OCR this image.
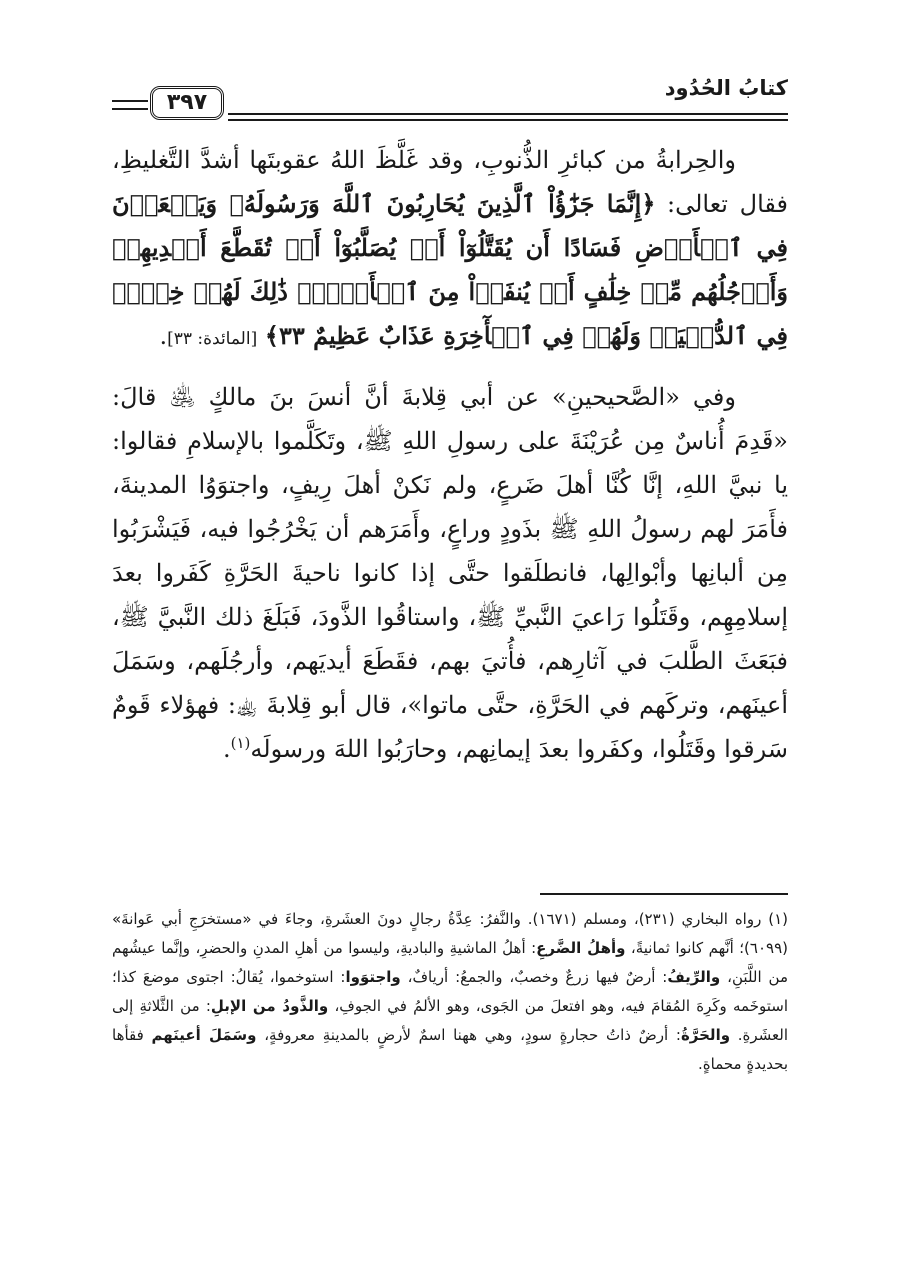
كتابُ الحُدُود
٣٩٧

والحِرابةُ من كبائرِ الذُّنوبِ، وقد غَلَّظَ اللهُ عقوبتَها أشدَّ التَّغليظِ، فقال تعالى: ﴿إِنَّمَا جَزَٰٓؤُاْ ٱلَّذِينَ يُحَارِبُونَ ٱللَّهَ وَرَسُولَهُۥ وَيَسۡعَوۡنَ فِي ٱلۡأَرۡضِ فَسَادًا أَن يُقَتَّلُوٓاْ أَوۡ يُصَلَّبُوٓاْ أَوۡ تُقَطَّعَ أَيۡدِيهِمۡ وَأَرۡجُلُهُم مِّنۡ خِلَٰفٍ أَوۡ يُنفَوۡاْ مِنَ ٱلۡأَرۡضِۚ ذَٰلِكَ لَهُمۡ خِزۡيٞ فِي ٱلدُّنۡيَاۖ وَلَهُمۡ فِي ٱلۡأٓخِرَةِ عَذَابٌ عَظِيمٌ ٣٣﴾ [المائدة: ٣٣].

وفي «الصَّحيحينِ» عن أبي قِلابةَ أنَّ أنسَ بنَ مالكٍ ﵁ قالَ: «قَدِمَ أُناسٌ مِن عُرَيْنَةَ على رسولِ اللهِ ﷺ، وتَكَلَّموا بالإسلامِ فقالوا: يا نبيَّ اللهِ، إنَّا كُنَّا أهلَ ضَرعٍ، ولم نَكنْ أهلَ رِيفٍ، واجتوَوُا المدينةَ، فأَمَرَ لهم رسولُ اللهِ ﷺ بذَودٍ وراعٍ، وأَمَرَهم أن يَخْرُجُوا فيه، فَيَشْرَبُوا مِن ألبانِها وأبْوالِها، فانطلَقوا حتَّى إذا كانوا ناحيةَ الحَرَّةِ كَفَروا بعدَ إسلامِهِم، وقَتَلُوا رَاعيَ النَّبيِّ ﷺ، واستاقُوا الذَّودَ، فَبَلَغَ ذلك النَّبيَّ ﷺ، فبَعَثَ الطَّلبَ في آثارِهم، فأُتيَ بهم، فقَطَعَ أيديَهم، وأرجُلَهم، وسَمَلَ أعينَهم، وتركَهم في الحَرَّةِ، حتَّى ماتوا»، قال أبو قِلابةَ ﵀: فهؤلاء قَومٌ سَرقوا وقَتَلُوا، وكفَروا بعدَ إيمانِهم، وحارَبُوا اللهَ ورسولَه$^{(١)}$.

(١) رواه البخاري (٢٣١)، ومسلم (١٦٧١). والنَّفرُ: عِدَّةُ رجالٍ دونَ العشَرةِ، وجاءَ في «مستخرَجِ أبي عَوانةَ» (٦٠٩٩)؛ أنَّهم كانوا ثمانيةً، وأهلُ الضَّرعِ: أهلُ الماشيةِ والباديةِ، وليسوا من أهلِ المدنِ والحضرِ، وإنَّما عيشُهم من اللَّبَنِ، والرِّيفُ: أرضٌ فيها زرعٌ وخصبٌ، والجمعُ: أريافٌ، واجتوَوا: استوخموا، يُقالُ: اجتوى موضعَ كذا؛ استوخَمه وكَرِهَ المُقامَ فيه، وهو افتعلَ من الجَوى، وهو الألمُ في الجوفِ، والذَّودُ من الإبلِ: من الثَّلاثةِ إلى العشَرةِ. والحَرَّةُ: أرضٌ ذاتُ حجارةٍ سودٍ، وهي ههنا اسمٌ لأرضٍ بالمدينةِ معروفةٍ، وسَمَلَ أعينَهم فقأها بحديدةٍ محماةٍ.
